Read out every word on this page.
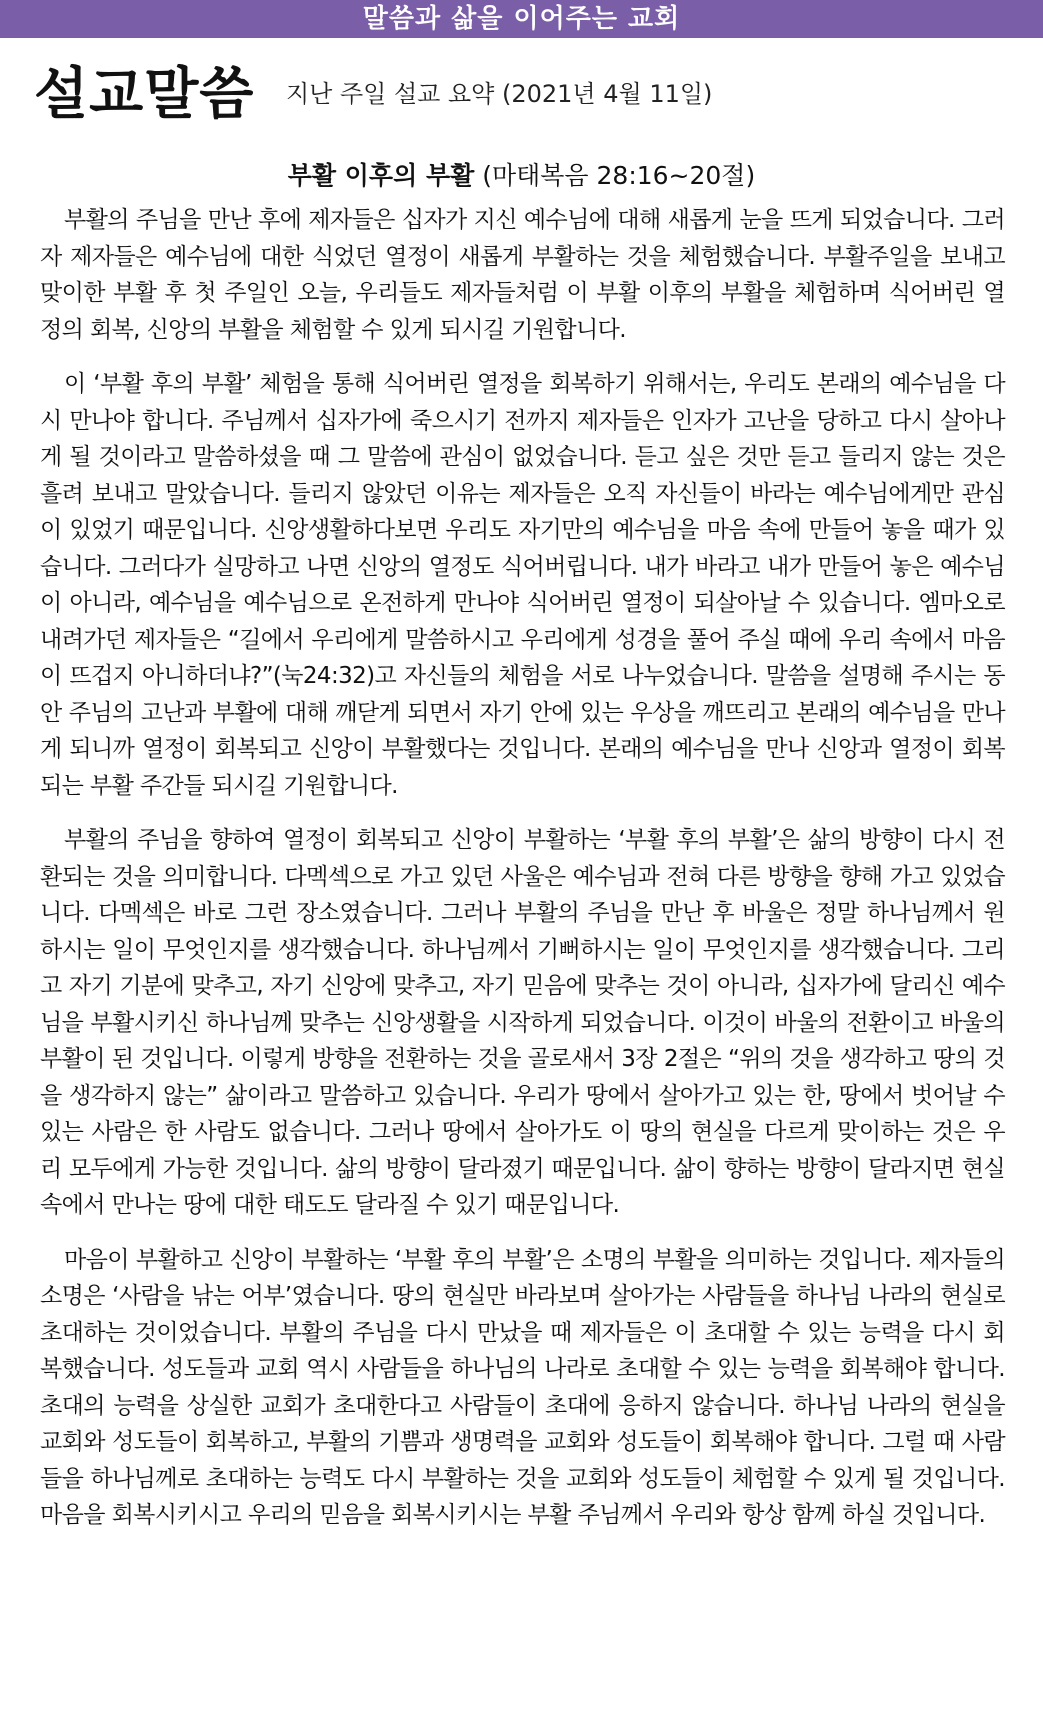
말씀과 삶을 이어주는 교회
설교말씀 지난 주일 설교 요약 (2021년 4월 11일)
부활 이후의 부활 (마태복음 28:16~20절)

부활의 주님을 만난 후에 제자들은 십자가 지신 예수님에 대해 새롭게 눈을 뜨게 되었습니다. 그러자 제자들은 예수님에 대한 식었던 열정이 새롭게 부활하는 것을 체험했습니다. 부활주일을 보내고 맞이한 부활 후 첫 주일인 오늘, 우리들도 제자들처럼 이 부활 이후의 부활을 체험하며 식어버린 열정의 회복, 신앙의 부활을 체험할 수 있게 되시길 기원합니다.

이 ‘부활 후의 부활’ 체험을 통해 식어버린 열정을 회복하기 위해서는, 우리도 본래의 예수님을 다시 만나야 합니다. 주님께서 십자가에 죽으시기 전까지 제자들은 인자가 고난을 당하고 다시 살아나게 될 것이라고 말씀하셨을 때 그 말씀에 관심이 없었습니다. 듣고 싶은 것만 듣고 들리지 않는 것은 흘려 보내고 말았습니다. 들리지 않았던 이유는 제자들은 오직 자신들이 바라는 예수님에게만 관심이 있었기 때문입니다. 신앙생활하다보면 우리도 자기만의 예수님을 마음 속에 만들어 놓을 때가 있습니다. 그러다가 실망하고 나면 신앙의 열정도 식어버립니다. 내가 바라고 내가 만들어 놓은 예수님이 아니라, 예수님을 예수님으로 온전하게 만나야 식어버린 열정이 되살아날 수 있습니다. 엠마오로 내려가던 제자들은 “길에서 우리에게 말씀하시고 우리에게 성경을 풀어 주실 때에 우리 속에서 마음이 뜨겁지 아니하더냐?”(눅24:32)고 자신들의 체험을 서로 나누었습니다. 말씀을 설명해 주시는 동안 주님의 고난과 부활에 대해 깨닫게 되면서 자기 안에 있는 우상을 깨뜨리고 본래의 예수님을 만나게 되니까 열정이 회복되고 신앙이 부활했다는 것입니다. 본래의 예수님을 만나 신앙과 열정이 회복되는 부활 주간들 되시길 기원합니다.

부활의 주님을 향하여 열정이 회복되고 신앙이 부활하는 ‘부활 후의 부활’은 삶의 방향이 다시 전환되는 것을 의미합니다. 다멕섹으로 가고 있던 사울은 예수님과 전혀 다른 방향을 향해 가고 있었습니다. 다멕섹은 바로 그런 장소였습니다. 그러나 부활의 주님을 만난 후 바울은 정말 하나님께서 원하시는 일이 무엇인지를 생각했습니다. 하나님께서 기뻐하시는 일이 무엇인지를 생각했습니다. 그리고 자기 기분에 맞추고, 자기 신앙에 맞추고, 자기 믿음에 맞추는 것이 아니라, 십자가에 달리신 예수님을 부활시키신 하나님께 맞추는 신앙생활을 시작하게 되었습니다. 이것이 바울의 전환이고 바울의 부활이 된 것입니다. 이렇게 방향을 전환하는 것을 골로새서 3장 2절은 “위의 것을 생각하고 땅의 것을 생각하지 않는” 삶이라고 말씀하고 있습니다. 우리가 땅에서 살아가고 있는 한, 땅에서 벗어날 수 있는 사람은 한 사람도 없습니다. 그러나 땅에서 살아가도 이 땅의 현실을 다르게 맞이하는 것은 우리 모두에게 가능한 것입니다. 삶의 방향이 달라졌기 때문입니다. 삶이 향하는 방향이 달라지면 현실 속에서 만나는 땅에 대한 태도도 달라질 수 있기 때문입니다.

마음이 부활하고 신앙이 부활하는 ‘부활 후의 부활’은 소명의 부활을 의미하는 것입니다. 제자들의 소명은 ‘사람을 낚는 어부’였습니다. 땅의 현실만 바라보며 살아가는 사람들을 하나님 나라의 현실로 초대하는 것이었습니다. 부활의 주님을 다시 만났을 때 제자들은 이 초대할 수 있는 능력을 다시 회복했습니다. 성도들과 교회 역시 사람들을 하나님의 나라로 초대할 수 있는 능력을 회복해야 합니다. 초대의 능력을 상실한 교회가 초대한다고 사람들이 초대에 응하지 않습니다. 하나님 나라의 현실을 교회와 성도들이 회복하고, 부활의 기쁨과 생명력을 교회와 성도들이 회복해야 합니다. 그럴 때 사람들을 하나님께로 초대하는 능력도 다시 부활하는 것을 교회와 성도들이 체험할 수 있게 될 것입니다. 마음을 회복시키시고 우리의 믿음을 회복시키시는 부활 주님께서 우리와 항상 함께 하실 것입니다.
